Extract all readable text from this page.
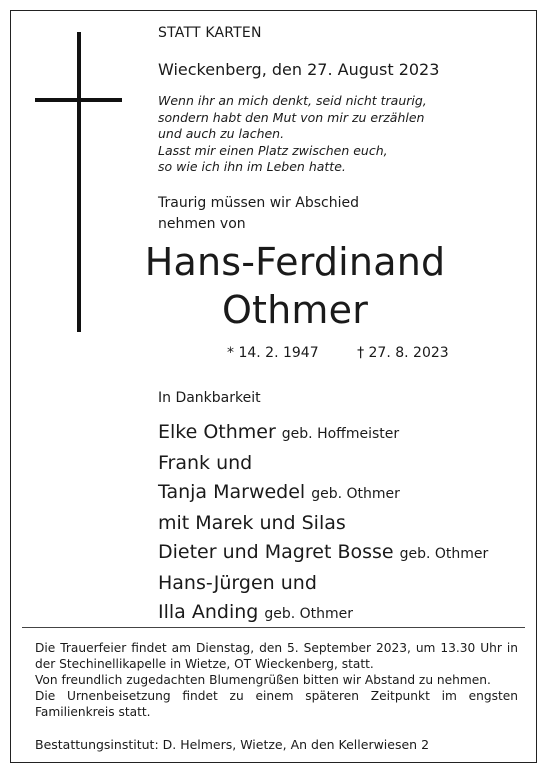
STATT KARTEN
Wieckenberg, den 27. August 2023
Wenn ihr an mich denkt, seid nicht traurig,
sondern habt den Mut von mir zu erzählen
und auch zu lachen.
Lasst mir einen Platz zwischen euch,
so wie ich ihn im Leben hatte.
Traurig müssen wir Abschied
nehmen von
Hans-Ferdinand
Othmer
* 14. 2. 1947	† 27. 8. 2023
In Dankbarkeit
Elke Othmer geb. Hoffmeister
Frank und
Tanja Marwedel geb. Othmer
mit Marek und Silas
Dieter und Magret Bosse geb. Othmer
Hans-Jürgen und
Illa Anding geb. Othmer

Die Trauerfeier findet am Dienstag, den 5. September 2023, um 13.30 Uhr in der Stechinellikapelle in Wietze, OT Wieckenberg, statt.

Von freundlich zugedachten Blumengrüßen bitten wir Abstand zu nehmen.

Die Urnenbeisetzung findet zu einem späteren Zeitpunkt im engsten Familienkreis statt.

Bestattungsinstitut: D. Helmers, Wietze, An den Kellerwiesen 2
